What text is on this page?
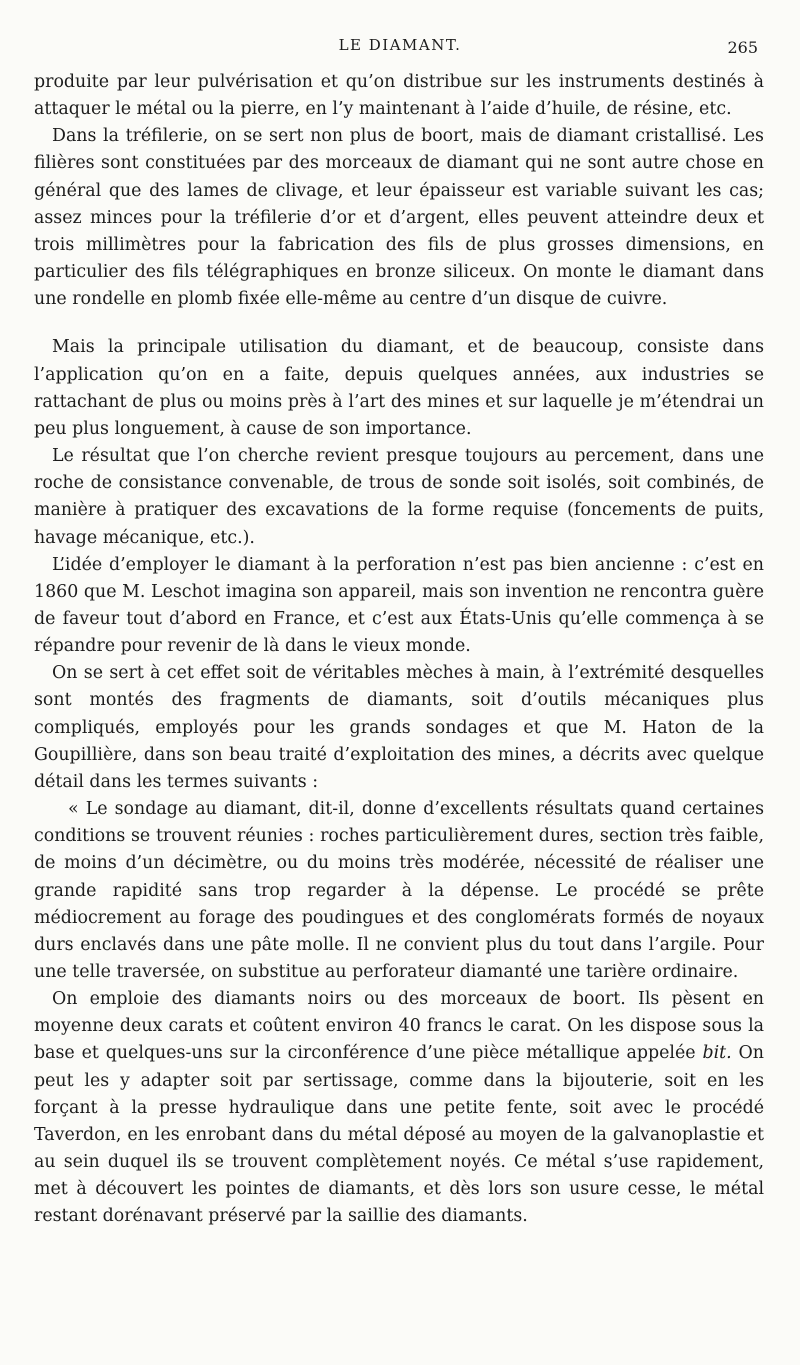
LE DIAMANT.	265

produite par leur pulvérisation et qu’on distribue sur les instruments destinés à attaquer le métal ou la pierre, en l’y maintenant à l’aide d’huile, de résine, etc.

Dans la tréfilerie, on se sert non plus de boort, mais de diamant cristallisé. Les filières sont constituées par des morceaux de diamant qui ne sont autre chose en général que des lames de clivage, et leur épaisseur est variable suivant les cas; assez minces pour la tréfilerie d’or et d’argent, elles peuvent atteindre deux et trois millimètres pour la fabrication des fils de plus grosses dimensions, en particulier des fils télégraphiques en bronze siliceux. On monte le diamant dans une rondelle en plomb fixée elle-même au centre d’un disque de cuivre.

Mais la principale utilisation du diamant, et de beaucoup, consiste dans l’application qu’on en a faite, depuis quelques années, aux industries se rattachant de plus ou moins près à l’art des mines et sur laquelle je m’étendrai un peu plus longuement, à cause de son importance.

Le résultat que l’on cherche revient presque toujours au percement, dans une roche de consistance convenable, de trous de sonde soit isolés, soit combinés, de manière à pratiquer des excavations de la forme requise (foncements de puits, havage mécanique, etc.).

L’idée d’employer le diamant à la perforation n’est pas bien ancienne : c’est en 1860 que M. Leschot imagina son appareil, mais son invention ne rencontra guère de faveur tout d’abord en France, et c’est aux États-Unis qu’elle commença à se répandre pour revenir de là dans le vieux monde.

On se sert à cet effet soit de véritables mèches à main, à l’extrémité desquelles sont montés des fragments de diamants, soit d’outils mécaniques plus compliqués, employés pour les grands sondages et que M. Haton de la Goupillière, dans son beau traité d’exploitation des mines, a décrits avec quelque détail dans les termes suivants :

« Le sondage au diamant, dit-il, donne d’excellents résultats quand certaines conditions se trouvent réunies : roches particulièrement dures, section très faible, de moins d’un décimètre, ou du moins très modérée, nécessité de réaliser une grande rapidité sans trop regarder à la dépense. Le procédé se prête médiocrement au forage des poudingues et des conglomérats formés de noyaux durs enclavés dans une pâte molle. Il ne convient plus du tout dans l’argile. Pour une telle traversée, on substitue au perforateur diamanté une tarière ordinaire.

On emploie des diamants noirs ou des morceaux de boort. Ils pèsent en moyenne deux carats et coûtent environ 40 francs le carat. On les dispose sous la base et quelques-uns sur la circonférence d’une pièce métallique appelée bit. On peut les y adapter soit par sertissage, comme dans la bijouterie, soit en les forçant à la presse hydraulique dans une petite fente, soit avec le procédé Taverdon, en les enrobant dans du métal déposé au moyen de la galvanoplastie et au sein duquel ils se trouvent complètement noyés. Ce métal s’use rapidement, met à découvert les pointes de diamants, et dès lors son usure cesse, le métal restant dorénavant préservé par la saillie des diamants.
